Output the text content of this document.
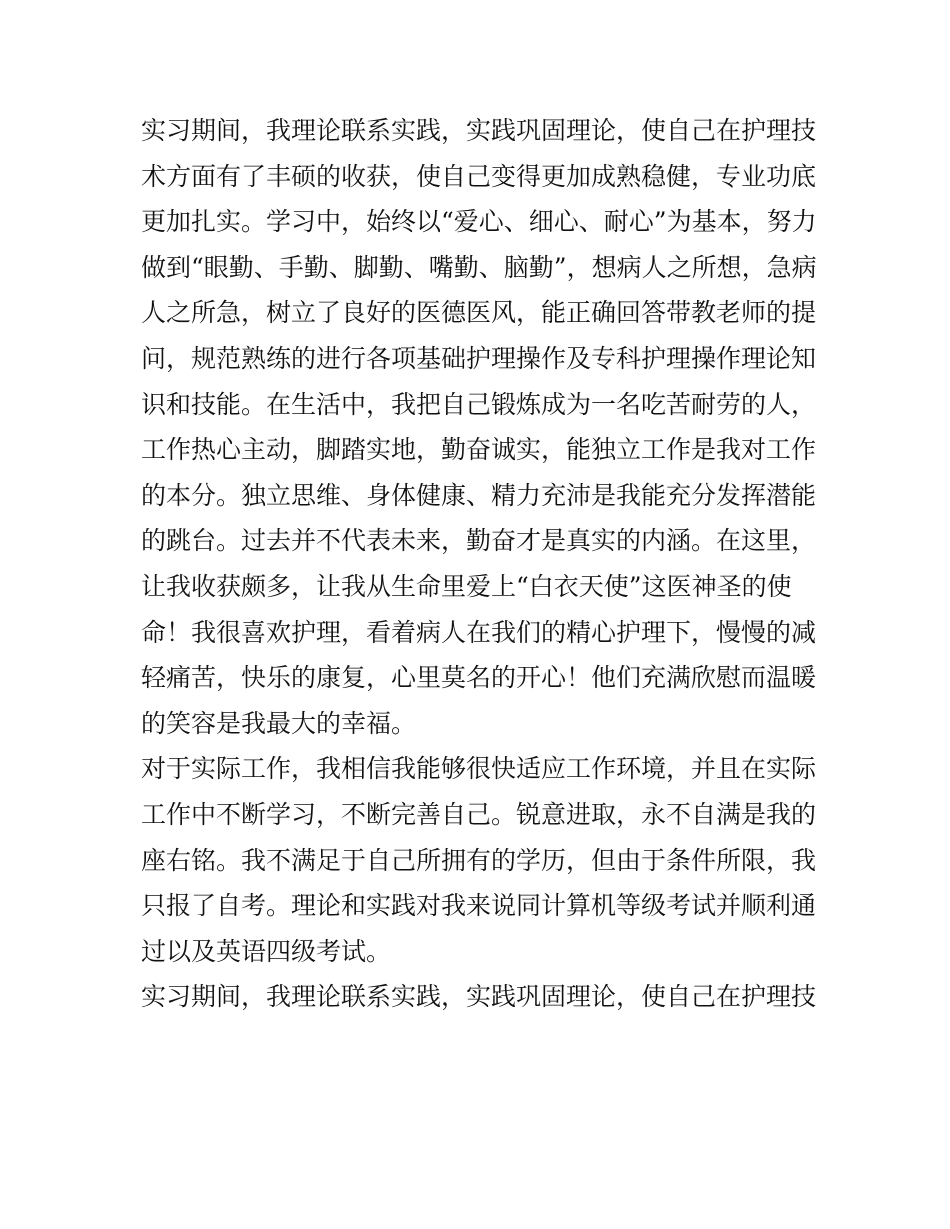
实习期间，我理论联系实践，实践巩固理论，使自己在护理技
术方面有了丰硕的收获，使自己变得更加成熟稳健，专业功底
更加扎实。学习中，始终以“爱心、细心、耐心”为基本，努力
做到“眼勤、手勤、脚勤、嘴勤、脑勤”，想病人之所想，急病
人之所急，树立了良好的医德医风，能正确回答带教老师的提
问，规范熟练的进行各项基础护理操作及专科护理操作理论知
识和技能。在生活中，我把自己锻炼成为一名吃苦耐劳的人，
工作热心主动，脚踏实地，勤奋诚实，能独立工作是我对工作
的本分。独立思维、身体健康、精力充沛是我能充分发挥潜能
的跳台。过去并不代表未来，勤奋才是真实的内涵。在这里，
让我收获颇多，让我从生命里爱上“白衣天使”这医神圣的使
命！我很喜欢护理，看着病人在我们的精心护理下，慢慢的减
轻痛苦，快乐的康复，心里莫名的开心！他们充满欣慰而温暖
的笑容是我最大的幸福。
对于实际工作，我相信我能够很快适应工作环境，并且在实际
工作中不断学习，不断完善自己。锐意进取，永不自满是我的
座右铭。我不满足于自己所拥有的学历，但由于条件所限，我
只报了自考。理论和实践对我来说同计算机等级考试并顺利通
过以及英语四级考试。
实习期间，我理论联系实践，实践巩固理论，使自己在护理技
